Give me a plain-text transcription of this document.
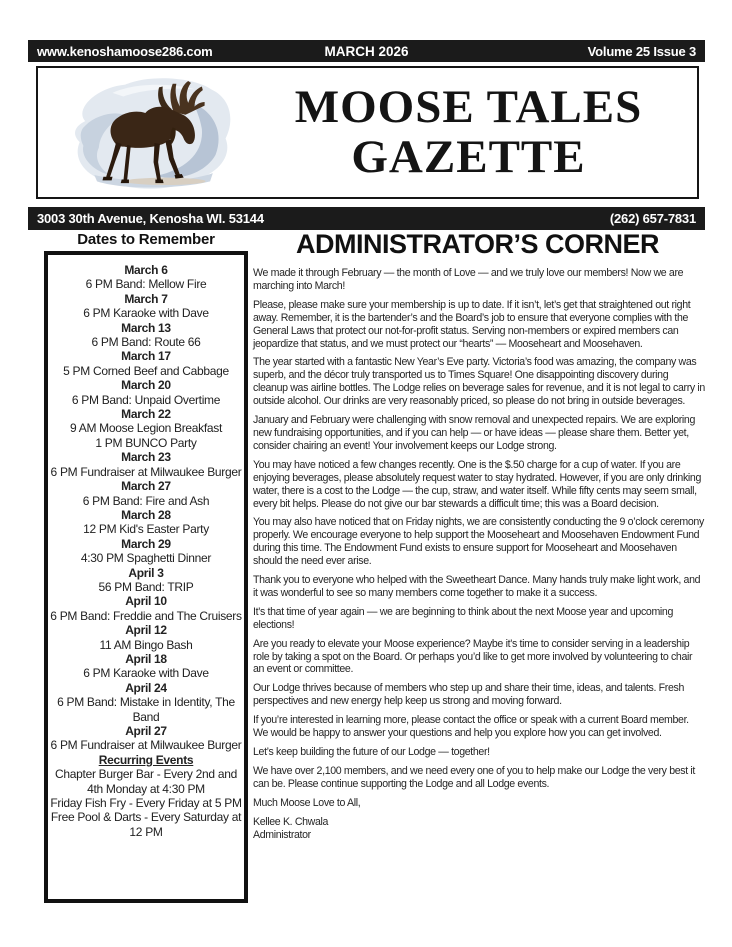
www.kenoshamoose286.com	MARCH 2026	Volume 25 Issue 3
MOOSE TALES
GAZETTE
3003 30th Avenue, Kenosha WI. 53144	(262) 657-7831
Dates to Remember
March 6
6 PM Band: Mellow Fire
March 7
6 PM Karaoke with Dave
March 13
6 PM Band: Route 66
March 17
5 PM Corned Beef and Cabbage
March 20
6 PM Band: Unpaid Overtime
March 22
9 AM Moose Legion Breakfast
1 PM BUNCO Party
March 23
6 PM Fundraiser at Milwaukee Burger
March 27
6 PM Band: Fire and Ash
March 28
12 PM Kid's Easter Party
March 29
4:30 PM Spaghetti Dinner
April 3
56 PM Band: TRIP
April 10
6 PM Band: Freddie and The Cruisers
April 12
11 AM Bingo Bash
April 18
6 PM Karaoke with Dave
April 24
6 PM Band: Mistake in Identity, The Band
April 27
6 PM Fundraiser at Milwaukee Burger
Recurring Events
Chapter Burger Bar - Every 2nd and 4th Monday at 4:30 PM
Friday Fish Fry - Every Friday at 5 PM
Free Pool & Darts - Every Saturday at 12 PM
ADMINISTRATOR’S CORNER

We made it through February — the month of Love — and we truly love our members! Now we are marching into March!

Please, please make sure your membership is up to date. If it isn’t, let’s get that straightened out right away. Remember, it is the bartender’s and the Board’s job to ensure that everyone complies with the General Laws that protect our not-for-profit status. Serving non-members or expired members can jeopardize that status, and we must protect our “hearts” — Mooseheart and Moosehaven.

The year started with a fantastic New Year’s Eve party. Victoria’s food was amazing, the company was superb, and the décor truly transported us to Times Square! One disappointing discovery during cleanup was airline bottles. The Lodge relies on beverage sales for revenue, and it is not legal to carry in outside alcohol. Our drinks are very reasonably priced, so please do not bring in outside beverages.

January and February were challenging with snow removal and unexpected repairs. We are exploring new fundraising opportunities, and if you can help — or have ideas — please share them. Better yet, consider chairing an event! Your involvement keeps our Lodge strong.

You may have noticed a few changes recently. One is the $.50 charge for a cup of water. If you are enjoying beverages, please absolutely request water to stay hydrated. However, if you are only drinking water, there is a cost to the Lodge — the cup, straw, and water itself. While fifty cents may seem small, every bit helps. Please do not give our bar stewards a difficult time; this was a Board decision.

You may also have noticed that on Friday nights, we are consistently conducting the 9 o’clock ceremony properly. We encourage everyone to help support the Mooseheart and Moosehaven Endowment Fund during this time. The Endowment Fund exists to ensure support for Mooseheart and Moosehaven should the need ever arise.

Thank you to everyone who helped with the Sweetheart Dance. Many hands truly make light work, and it was wonderful to see so many members come together to make it a success.

It’s that time of year again — we are beginning to think about the next Moose year and upcoming elections!

Are you ready to elevate your Moose experience? Maybe it’s time to consider serving in a leadership role by taking a spot on the Board. Or perhaps you’d like to get more involved by volunteering to chair an event or committee.

Our Lodge thrives because of members who step up and share their time, ideas, and talents. Fresh perspectives and new energy help keep us strong and moving forward.

If you’re interested in learning more, please contact the office or speak with a current Board member. We would be happy to answer your questions and help you explore how you can get involved.

Let’s keep building the future of our Lodge — together!

We have over 2,100 members, and we need every one of you to help make our Lodge the very best it can be. Please continue supporting the Lodge and all Lodge events.

Much Moose Love to All,

Kellee K. Chwala

Administrator
